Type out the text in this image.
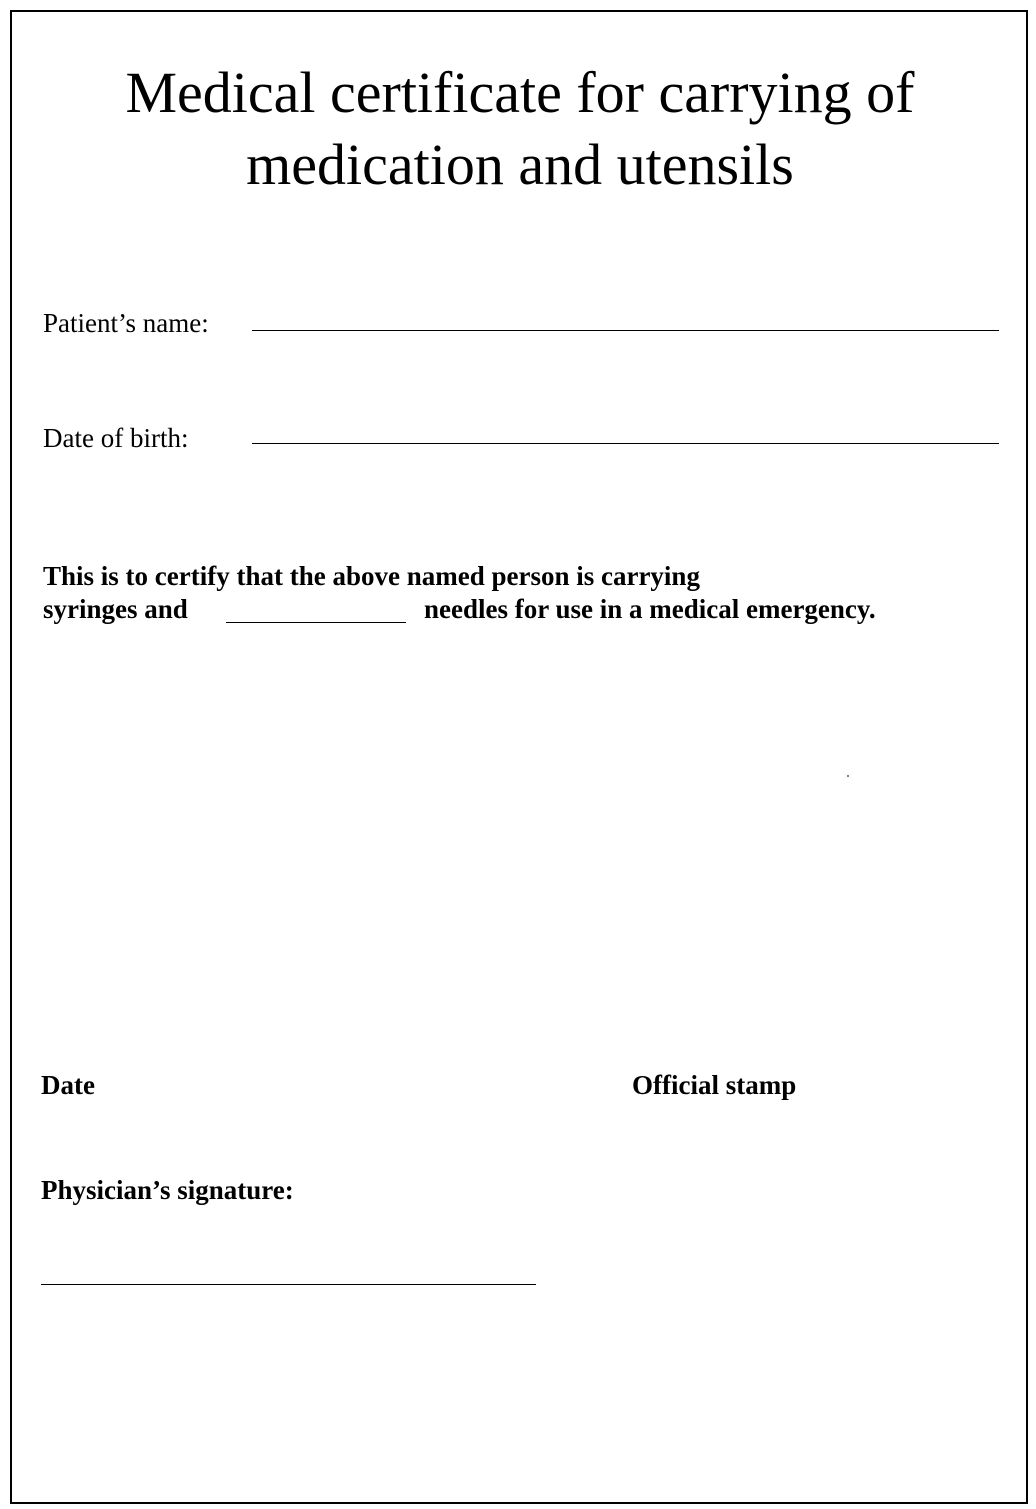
Medical certificate for carrying of
medication and utensils
Patient’s name:
Date of birth:
This is to certify that the above named person is carrying
syringes and	needles for use in a medical emergency.
Date	Official stamp
Physician’s signature:
